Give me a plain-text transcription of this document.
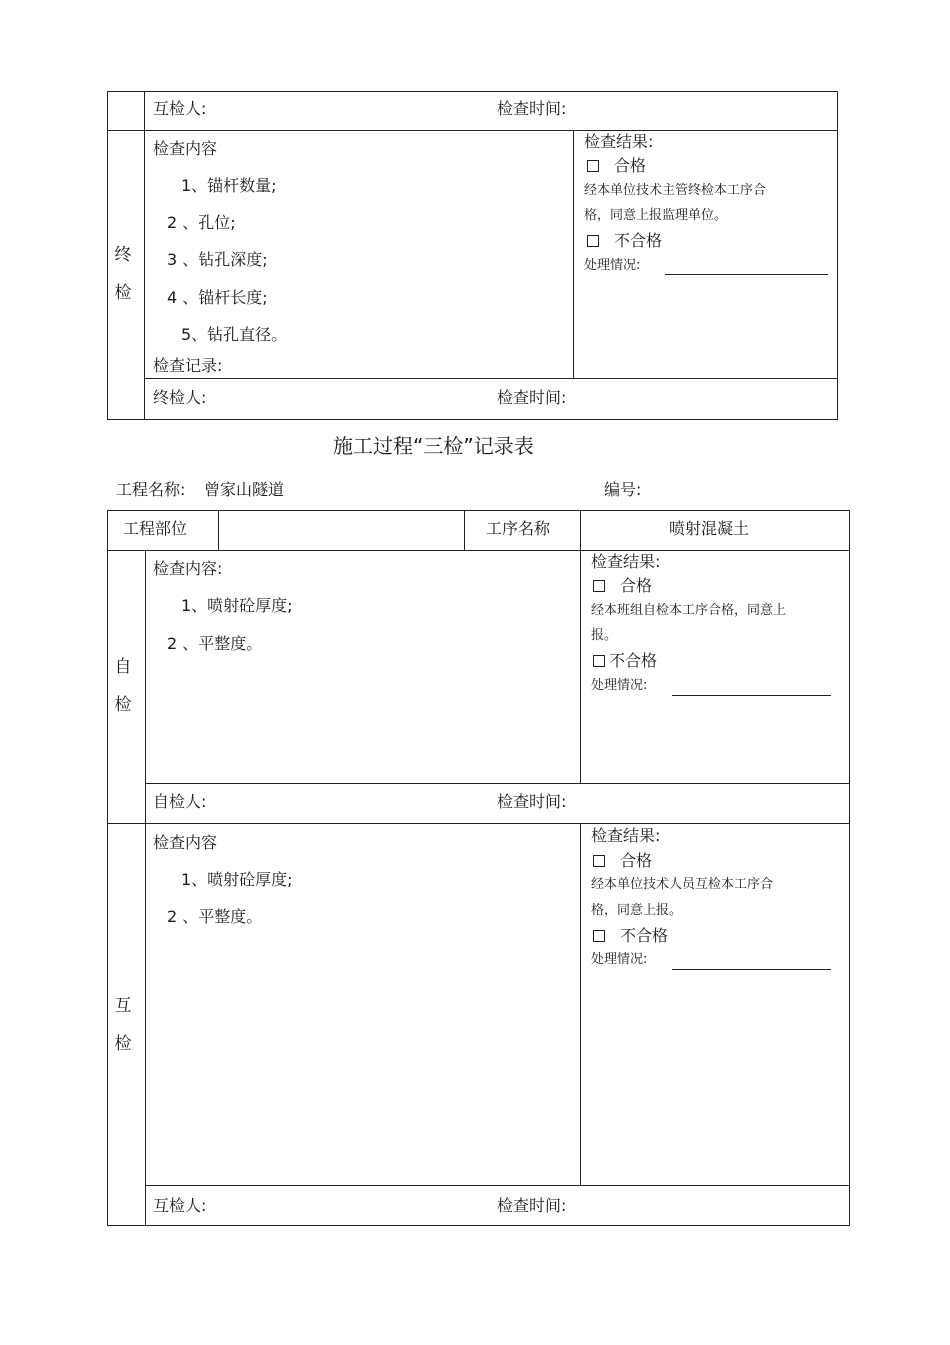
互检人:	检查时间:
终
检
检查内容
1、锚杆数量;
2 、孔位;
3 、钻孔深度;
4 、锚杆长度;
5、钻孔直径。
检查记录:
检查结果:
合格
经本单位技术主管终检本工序合
格，同意上报监理单位。
不合格
处理情况:
终检人:	检查时间:
施工过程“三检”记录表
工程名称: 曾家山隧道	编号:
工程部位	工序名称	喷射混凝土
自
检
检查内容:
1、喷射砼厚度;
2 、平整度。
检查结果:
合格
经本班组自检本工序合格，同意上
报。
不合格
处理情况:
自检人:	检查时间:
互
检
检查内容
1、喷射砼厚度;
2 、平整度。
检查结果:
合格
经本单位技术人员互检本工序合
格，同意上报。
不合格
处理情况:
互检人:	检查时间:
